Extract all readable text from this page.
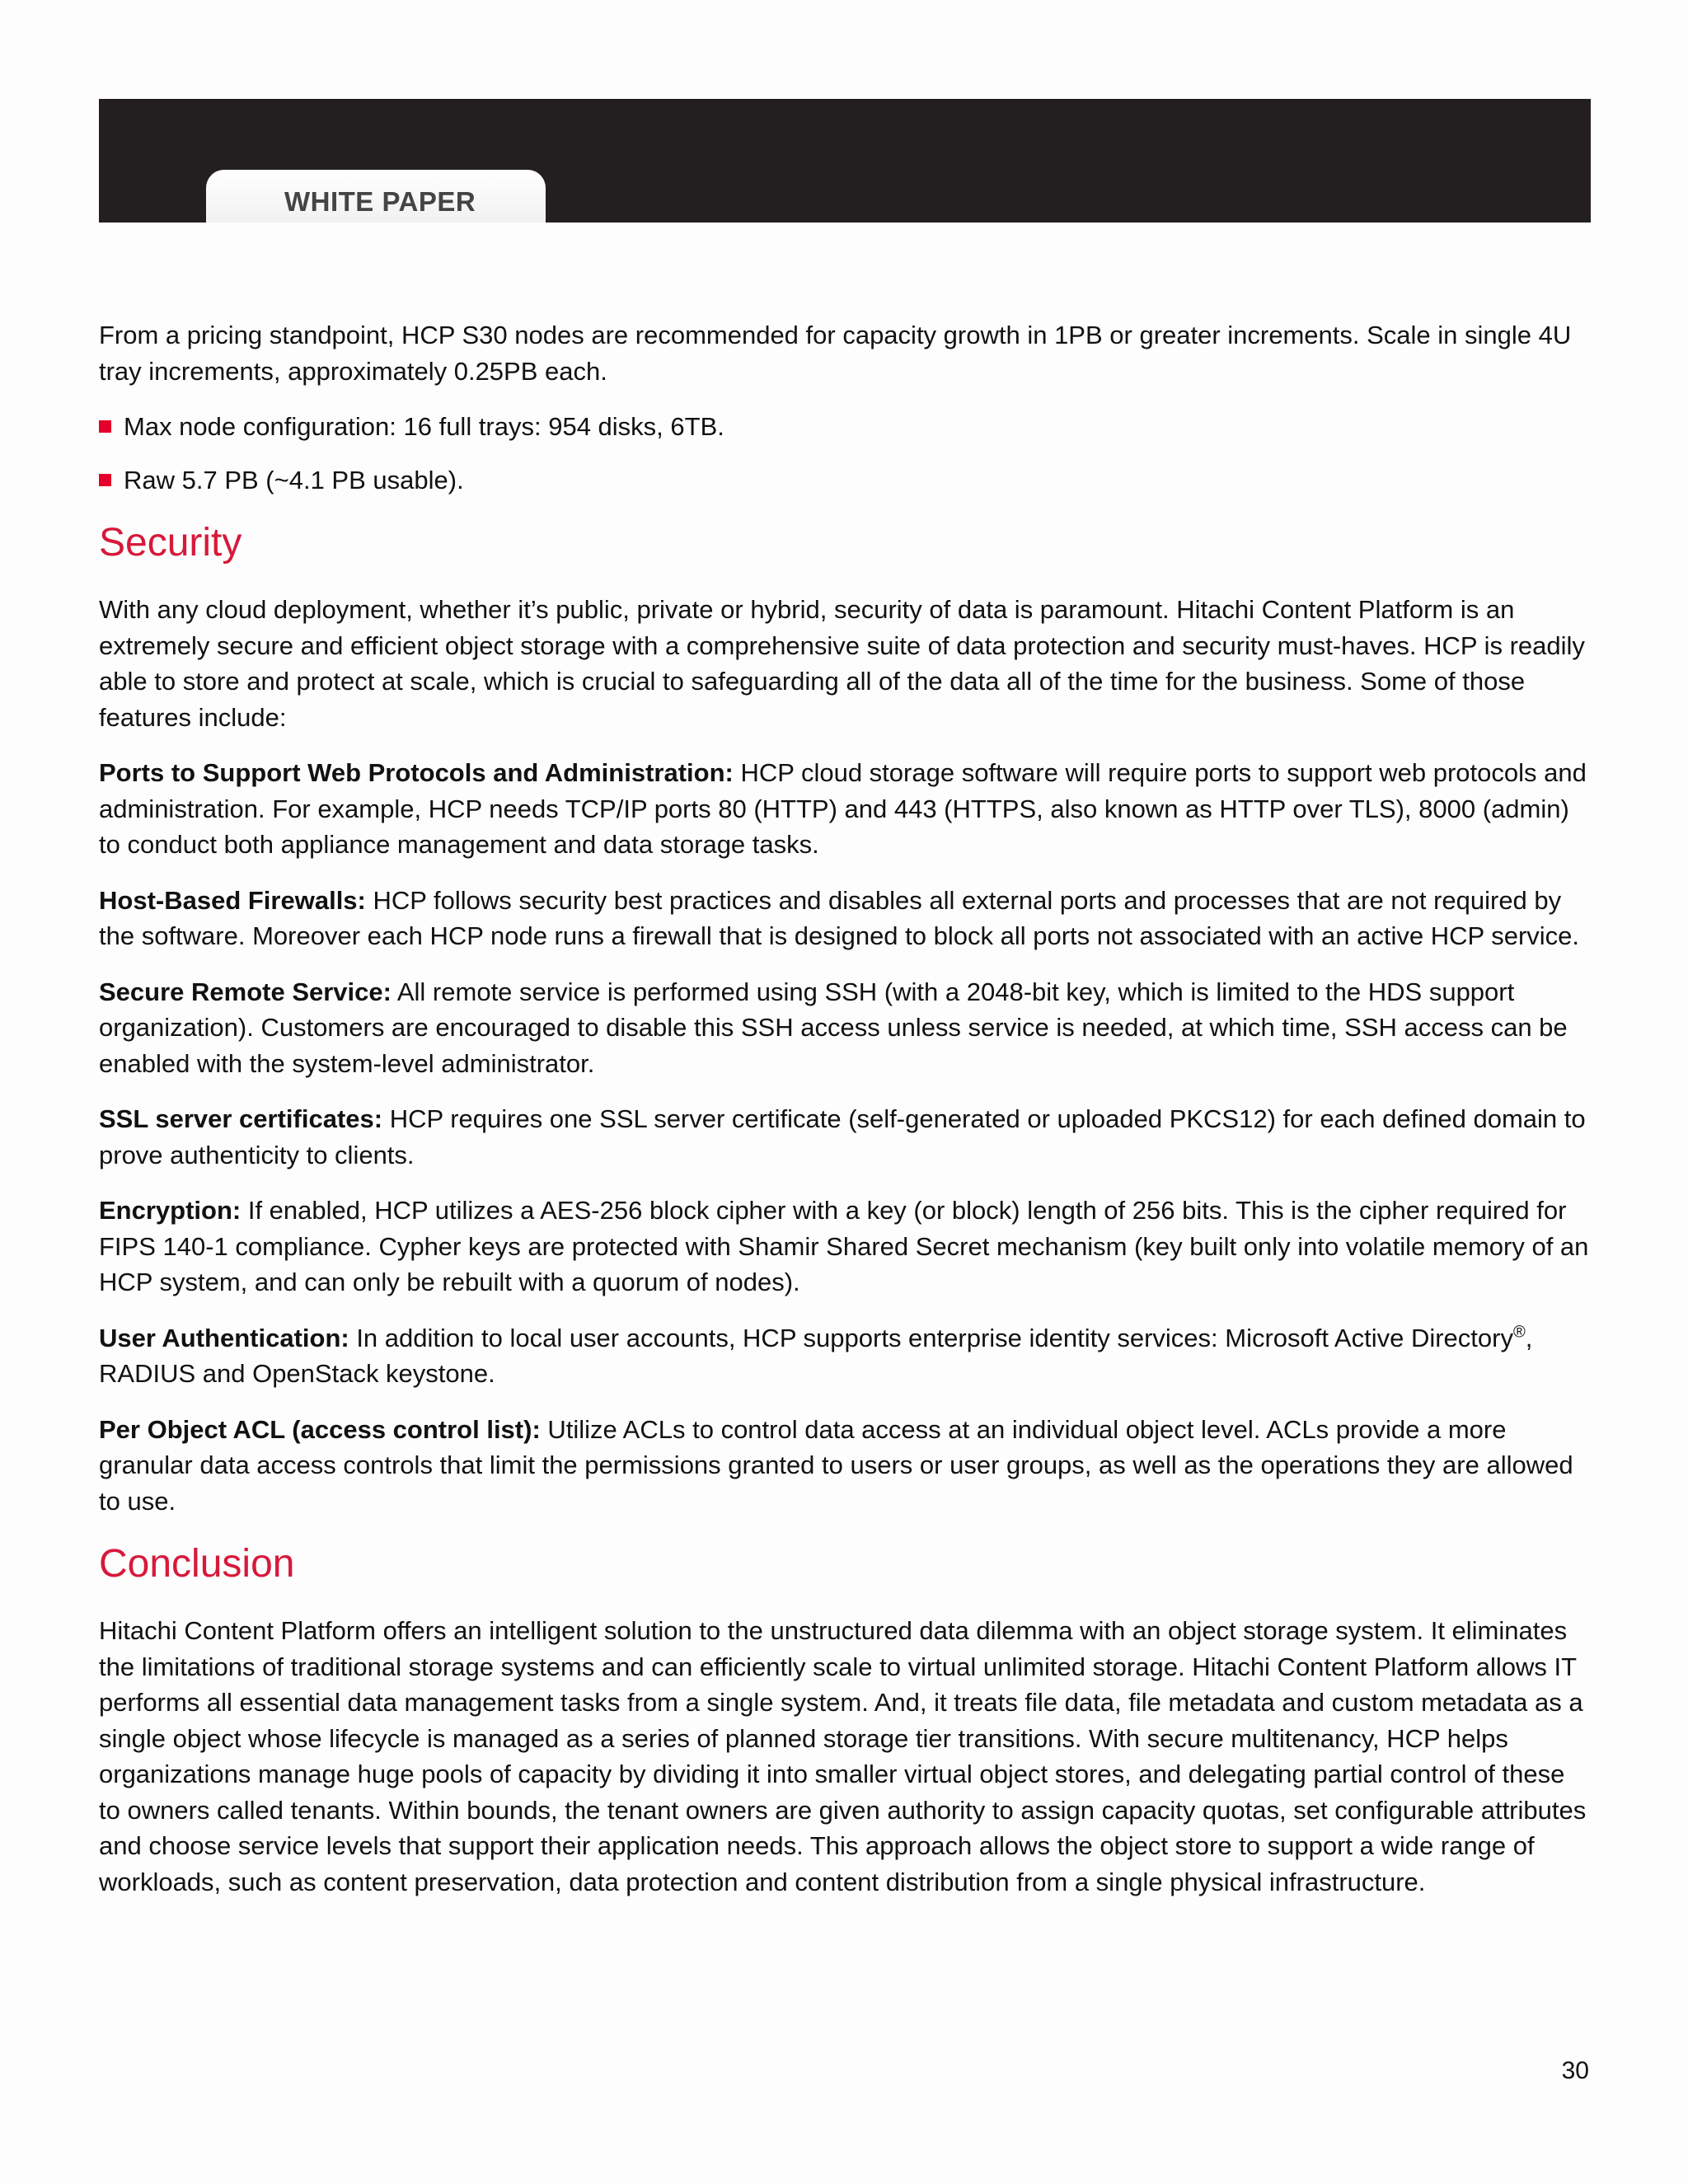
WHITE PAPER

From a pricing standpoint, HCP S30 nodes are recommended for capacity growth in 1PB or greater increments. Scale in single 4U tray increments, approximately 0.25PB each.

Max node configuration: 16 full trays: 954 disks, 6TB.
Raw 5.7 PB (~4.1 PB usable).
Security

With any cloud deployment, whether it’s public, private or hybrid, security of data is paramount. Hitachi Content Platform is an extremely secure and efficient object storage with a comprehensive suite of data protection and security must-haves. HCP is readily able to store and protect at scale, which is crucial to safeguarding all of the data all of the time for the business. Some of those features include:

Ports to Support Web Protocols and Administration: HCP cloud storage software will require ports to support web protocols and administration. For example, HCP needs TCP/IP ports 80 (HTTP) and 443 (HTTPS, also known as HTTP over TLS), 8000 (admin) to conduct both appliance management and data storage tasks.

Host-Based Firewalls: HCP follows security best practices and disables all external ports and processes that are not required by the software. Moreover each HCP node runs a firewall that is designed to block all ports not associated with an active HCP service.

Secure Remote Service: All remote service is performed using SSH (with a 2048-bit key, which is limited to the HDS support organization). Customers are encouraged to disable this SSH access unless service is needed, at which time, SSH access can be enabled with the system-level administrator.

SSL server certificates: HCP requires one SSL server certificate (self-generated or uploaded PKCS12) for each defined domain to prove authenticity to clients.

Encryption: If enabled, HCP utilizes a AES-256 block cipher with a key (or block) length of 256 bits. This is the cipher required for FIPS 140-1 compliance. Cypher keys are protected with Shamir Shared Secret mechanism (key built only into volatile memory of an HCP system, and can only be rebuilt with a quorum of nodes).

User Authentication: In addition to local user accounts, HCP supports enterprise identity services: Microsoft Active Directory®, RADIUS and OpenStack keystone.

Per Object ACL (access control list): Utilize ACLs to control data access at an individual object level. ACLs provide a more granular data access controls that limit the permissions granted to users or user groups, as well as the operations they are allowed to use.

Conclusion

Hitachi Content Platform offers an intelligent solution to the unstructured data dilemma with an object storage system. It eliminates the limitations of traditional storage systems and can efficiently scale to virtual unlimited storage. Hitachi Content Platform allows IT performs all essential data management tasks from a single system. And, it treats file data, file metadata and custom metadata as a single object whose lifecycle is managed as a series of planned storage tier transitions. With secure multitenancy, HCP helps organizations manage huge pools of capacity by dividing it into smaller virtual object stores, and delegating partial control of these to owners called tenants. Within bounds, the tenant owners are given authority to assign capacity quotas, set configurable attributes and choose service levels that support their application needs. This approach allows the object store to support a wide range of workloads, such as content preservation, data protection and content distribution from a single physical infrastructure.

30
